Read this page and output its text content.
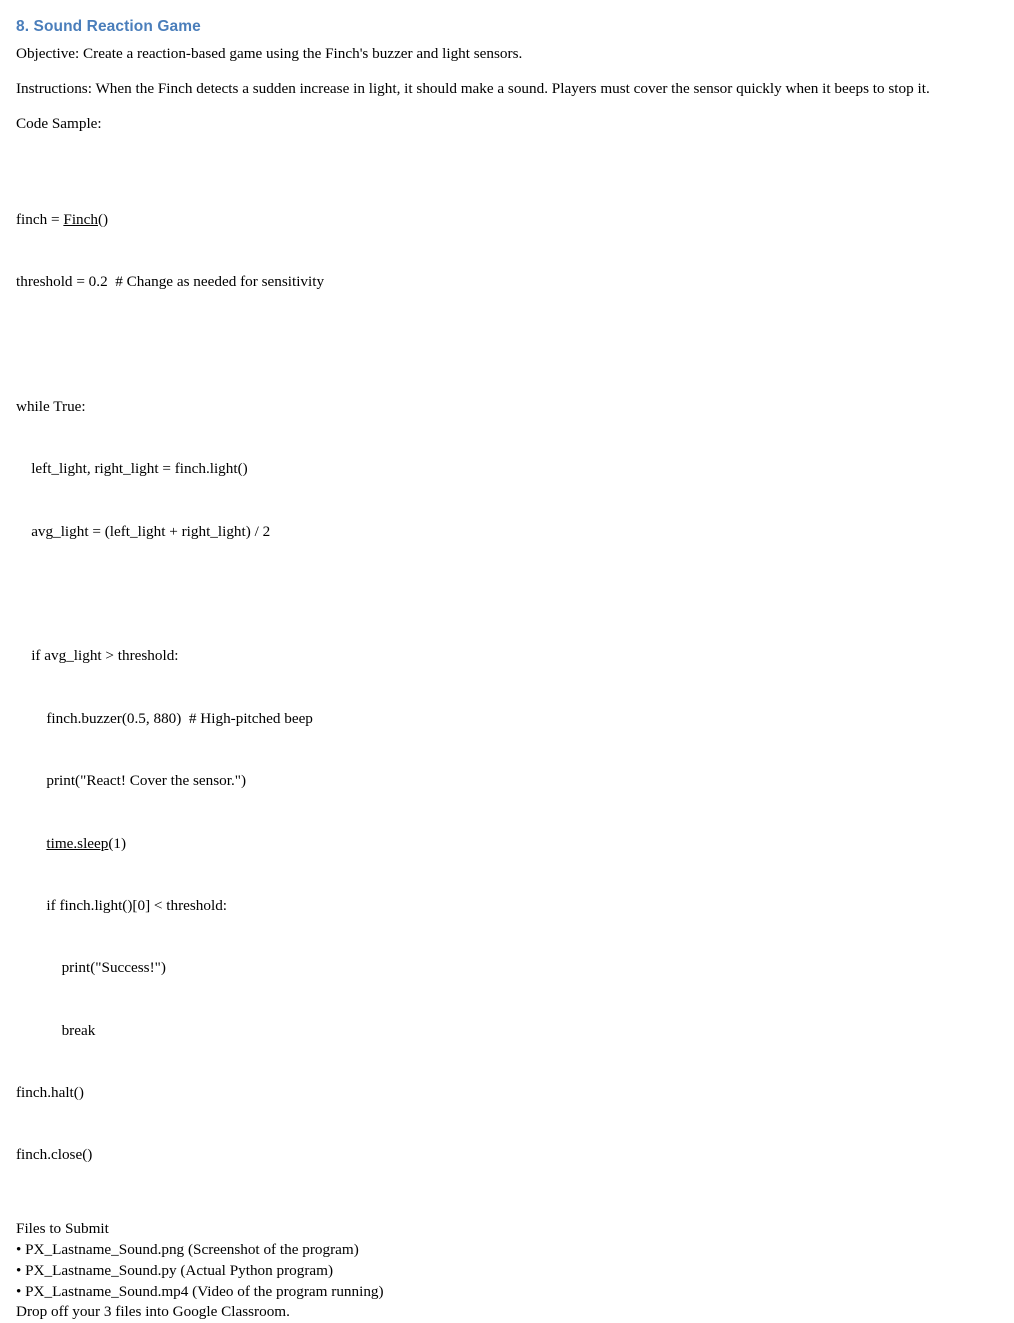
8. Sound Reaction Game

Objective: Create a reaction-based game using the Finch's buzzer and light sensors.

Instructions: When the Finch detects a sudden increase in light, it should make a sound. Players must cover the sensor quickly when it beeps to stop it.

Code Sample:

finch = Finch()

threshold = 0.2  # Change as needed for sensitivity

while True:

left_light, right_light = finch.light()

avg_light = (left_light + right_light) / 2

if avg_light > threshold:

finch.buzzer(0.5, 880)  # High-pitched beep

print("React! Cover the sensor.")

time.sleep(1)

if finch.light()[0] < threshold:

print("Success!")

break

finch.halt()

finch.close()

Files to Submit
• PX_Lastname_Sound.png (Screenshot of the program)
• PX_Lastname_Sound.py (Actual Python program)
• PX_Lastname_Sound.mp4 (Video of the program running)
Drop off your 3 files into Google Classroom.
